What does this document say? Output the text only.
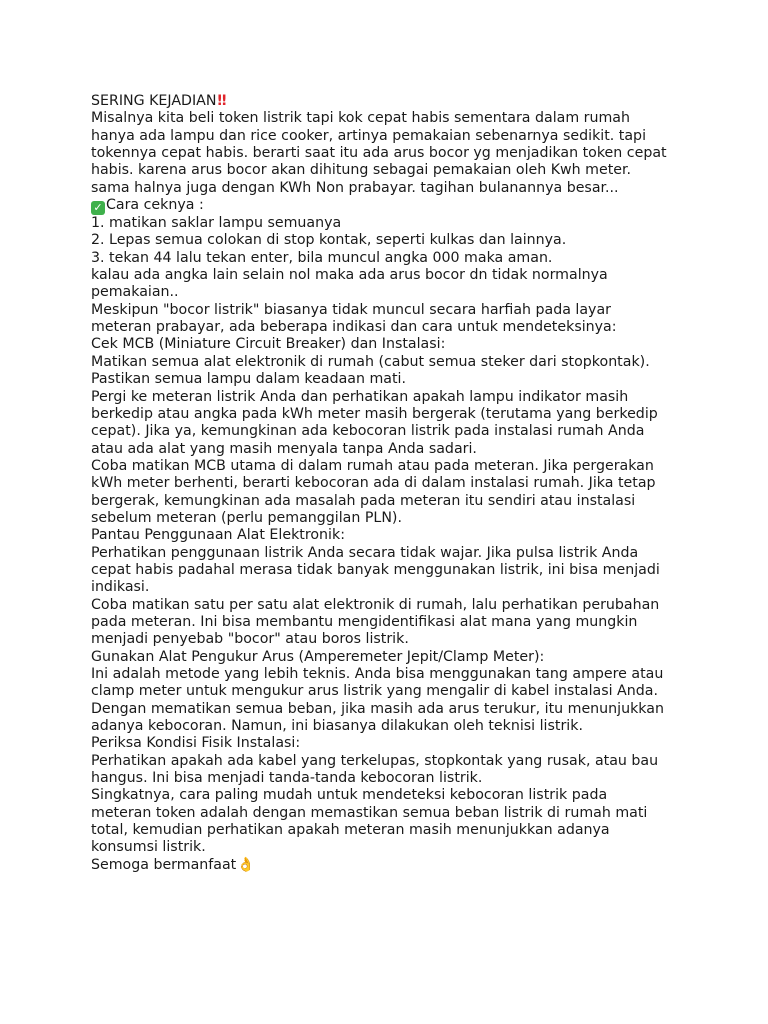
SERING KEJADIAN‼
Misalnya kita beli token listrik tapi kok cepat habis sementara dalam rumah
hanya ada lampu dan rice cooker, artinya pemakaian sebenarnya sedikit. tapi
tokennya cepat habis. berarti saat itu ada arus bocor yg menjadikan token cepat
habis. karena arus bocor akan dihitung sebagai pemakaian oleh Kwh meter.
sama halnya juga dengan KWh Non prabayar. tagihan bulanannya besar...
✓ Cara ceknya :
1. matikan saklar lampu semuanya
2. Lepas semua colokan di stop kontak, seperti kulkas dan lainnya.
3. tekan 44 lalu tekan enter, bila muncul angka 000 maka aman.
kalau ada angka lain selain nol maka ada arus bocor dn tidak normalnya
pemakaian..
Meskipun "bocor listrik" biasanya tidak muncul secara harfiah pada layar
meteran prabayar, ada beberapa indikasi dan cara untuk mendeteksinya:
Cek MCB (Miniature Circuit Breaker) dan Instalasi:
Matikan semua alat elektronik di rumah (cabut semua steker dari stopkontak).
Pastikan semua lampu dalam keadaan mati.
Pergi ke meteran listrik Anda dan perhatikan apakah lampu indikator masih
berkedip atau angka pada kWh meter masih bergerak (terutama yang berkedip
cepat). Jika ya, kemungkinan ada kebocoran listrik pada instalasi rumah Anda
atau ada alat yang masih menyala tanpa Anda sadari.
Coba matikan MCB utama di dalam rumah atau pada meteran. Jika pergerakan
kWh meter berhenti, berarti kebocoran ada di dalam instalasi rumah. Jika tetap
bergerak, kemungkinan ada masalah pada meteran itu sendiri atau instalasi
sebelum meteran (perlu pemanggilan PLN).
Pantau Penggunaan Alat Elektronik:
Perhatikan penggunaan listrik Anda secara tidak wajar. Jika pulsa listrik Anda
cepat habis padahal merasa tidak banyak menggunakan listrik, ini bisa menjadi
indikasi.
Coba matikan satu per satu alat elektronik di rumah, lalu perhatikan perubahan
pada meteran. Ini bisa membantu mengidentifikasi alat mana yang mungkin
menjadi penyebab "bocor" atau boros listrik.
Gunakan Alat Pengukur Arus (Amperemeter Jepit/Clamp Meter):
Ini adalah metode yang lebih teknis. Anda bisa menggunakan tang ampere atau
clamp meter untuk mengukur arus listrik yang mengalir di kabel instalasi Anda.
Dengan mematikan semua beban, jika masih ada arus terukur, itu menunjukkan
adanya kebocoran. Namun, ini biasanya dilakukan oleh teknisi listrik.
Periksa Kondisi Fisik Instalasi:
Perhatikan apakah ada kabel yang terkelupas, stopkontak yang rusak, atau bau
hangus. Ini bisa menjadi tanda-tanda kebocoran listrik.
Singkatnya, cara paling mudah untuk mendeteksi kebocoran listrik pada
meteran token adalah dengan memastikan semua beban listrik di rumah mati
total, kemudian perhatikan apakah meteran masih menunjukkan adanya
konsumsi listrik.
Semoga bermanfaat👌
